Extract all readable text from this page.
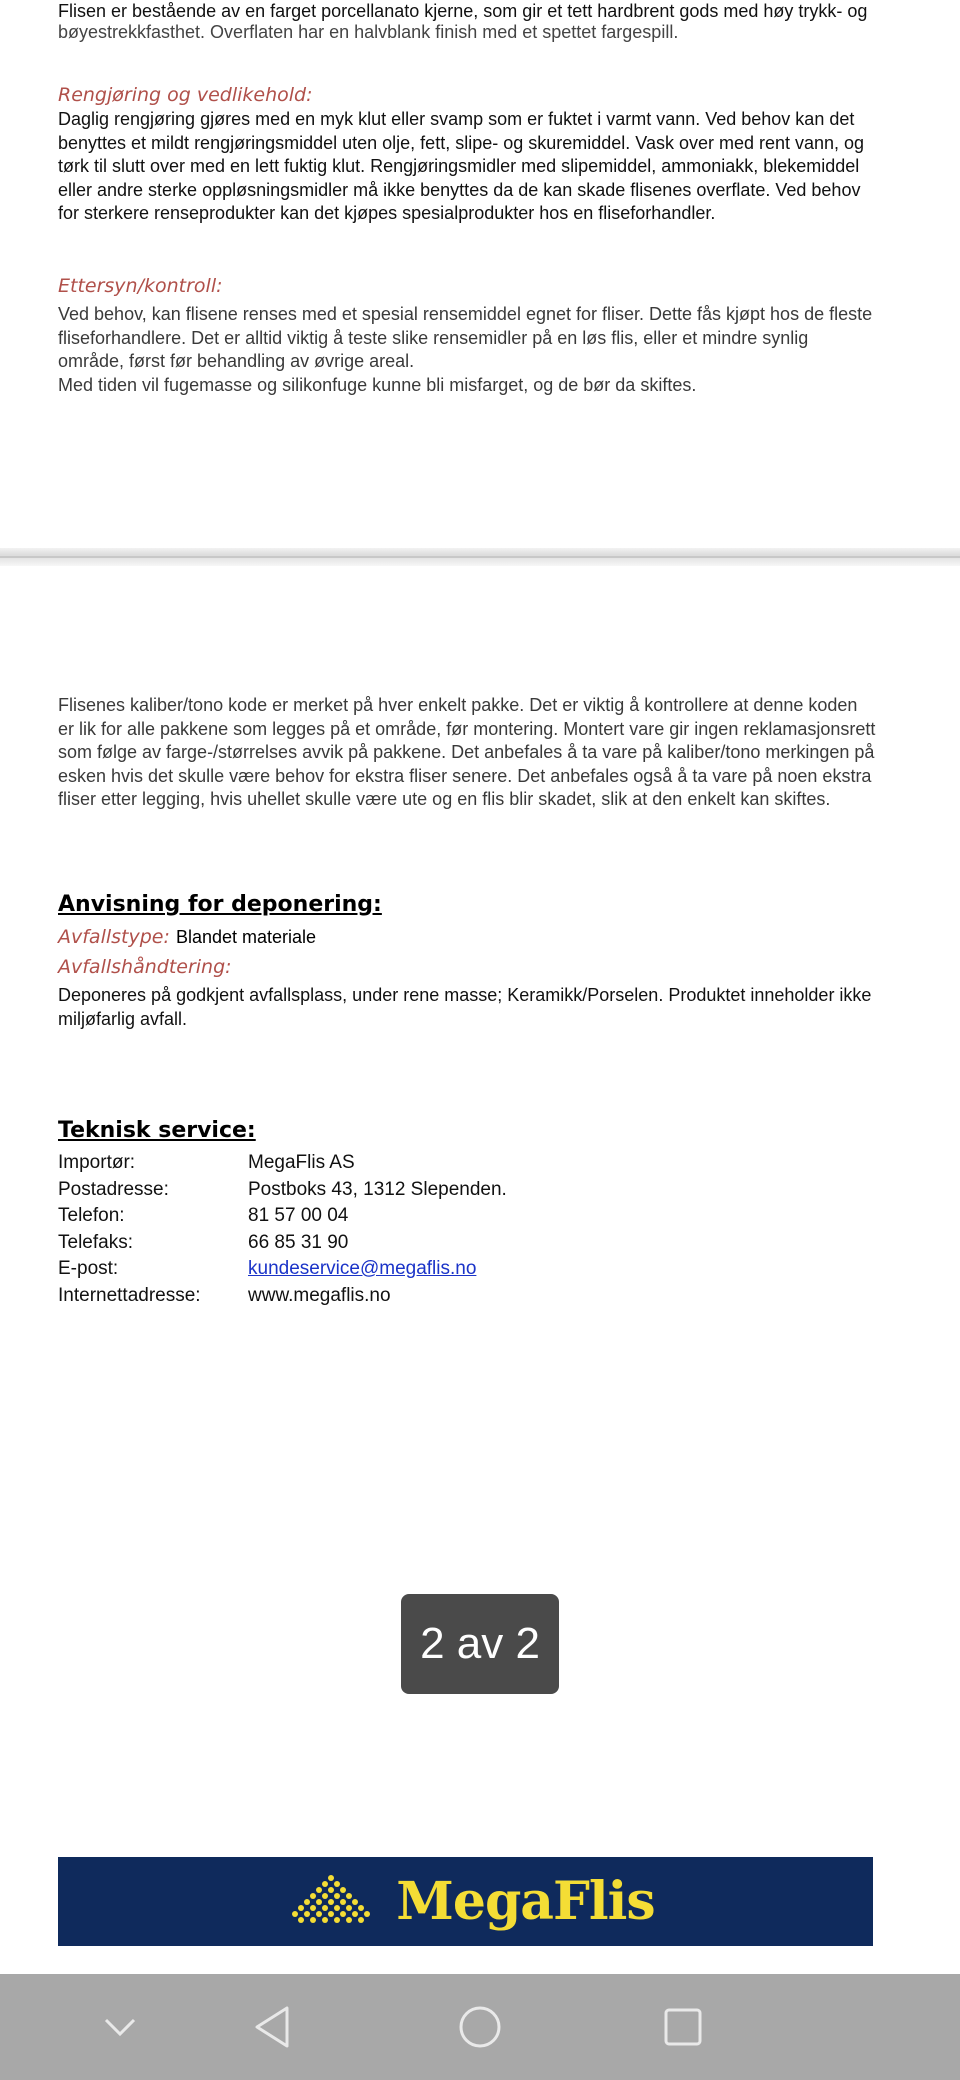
Flisen er bestående av en farget porcellanato kjerne, som gir et tett hardbrent gods med høy trykk- og

bøyestrekkfasthet. Overflaten har en halvblank finish med et spettet fargespill.

Rengjøring og vedlikehold:

Daglig rengjøring gjøres med en myk klut eller svamp som er fuktet i varmt vann. Ved behov kan det benyttes et mildt rengjøringsmiddel uten olje, fett, slipe- og skuremiddel. Vask over med rent vann, og tørk til slutt over med en lett fuktig klut. Rengjøringsmidler med slipemiddel, ammoniakk, blekemiddel eller andre sterke oppløsningsmidler må ikke benyttes da de kan skade flisenes overflate. Ved behov for sterkere renseprodukter kan det kjøpes spesialprodukter hos en fliseforhandler.

Ettersyn/kontroll:

Ved behov, kan flisene renses med et spesial rensemiddel egnet for fliser. Dette fås kjøpt hos de fleste fliseforhandlere. Det er alltid viktig å teste slike rensemidler på en løs flis, eller et mindre synlig område, først før behandling av øvrige areal.

Med tiden vil fugemasse og silikonfuge kunne bli misfarget, og de bør da skiftes.

Flisenes kaliber/tono kode er merket på hver enkelt pakke. Det er viktig å kontrollere at denne koden er lik for alle pakkene som legges på et område, før montering. Montert vare gir ingen reklamasjonsrett som følge av farge-/størrelses avvik på pakkene. Det anbefales å ta vare på kaliber/tono merkingen på esken hvis det skulle være behov for ekstra fliser senere. Det anbefales også å ta vare på noen ekstra fliser etter legging, hvis uhellet skulle være ute og en flis blir skadet, slik at den enkelt kan skiftes.

Anvisning for deponering:

Avfallstype: Blandet materiale

Avfallshåndtering:

Deponeres på godkjent avfallsplass, under rene masse; Keramikk/Porselen. Produktet inneholder ikke miljøfarlig avfall.

Teknisk service:

Importør:	MegaFlis AS
Postadresse:	Postboks 43, 1312 Slependen.
Telefon:	81 57 00 04
Telefaks:	66 85 31 90
E-post:	kundeservice@megaflis.no
Internettadresse:	www.megaflis.no
2 av 2
MegaFlis
